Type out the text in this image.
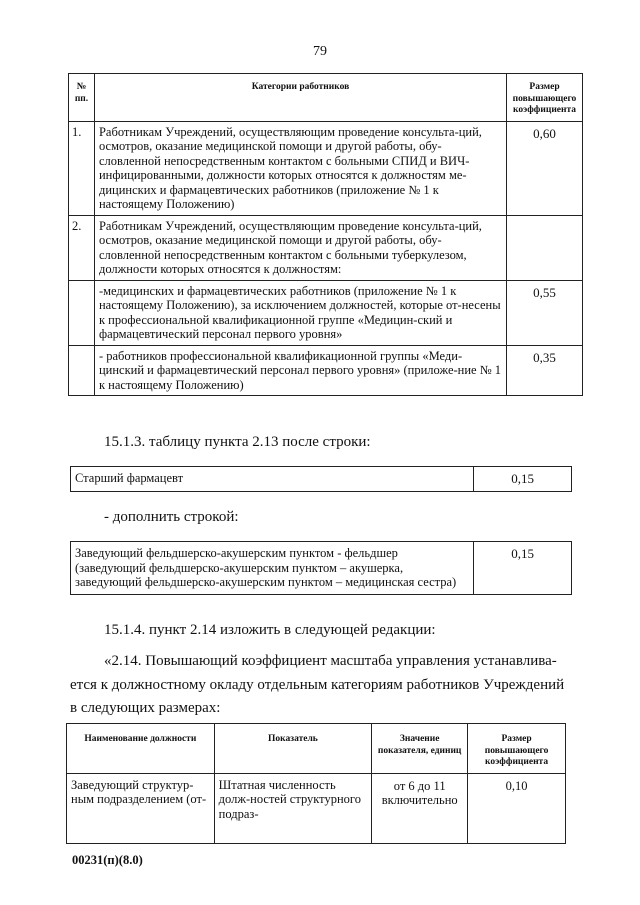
79
№ пп.	Категории работников	Размер повышающего коэффициента
1.	Работникам Учреждений, осуществляющим проведение консульта-ций, осмотров, оказание медицинской помощи и другой работы, обу-словленной непосредственным контактом с больными СПИД и ВИЧ-инфицированными, должности которых относятся к должностям ме-дицинских и фармацевтических работников (приложение № 1 к настоящему Положению)	0,60
2.	Работникам Учреждений, осуществляющим проведение консульта-ций, осмотров, оказание медицинской помощи и другой работы, обу-словленной непосредственным контактом с больными туберкулезом, должности которых относятся к должностям:	
	-медицинских и фармацевтических работников (приложение № 1 к настоящему Положению), за исключением должностей, которые от-несены к профессиональной квалификационной группе «Медицин-ский и фармацевтический персонал первого уровня»	0,55
	- работников профессиональной квалификационной группы «Меди-цинский и фармацевтический персонал первого уровня» (приложе-ние № 1 к настоящему Положению)	0,35
15.1.3. таблицу пункта 2.13 после строки:
Старший фармацевт	0,15
- дополнить строкой:
Заведующий фельдшерско-акушерским пунктом - фельдшер (заведующий фельдшерско-акушерским пунктом – акушерка, заведующий фельдшерско-акушерским пунктом – медицинская сестра)	0,15
15.1.4. пункт 2.14 изложить в следующей редакции:
«2.14. Повышающий коэффициент масштаба управления устанавлива-
ется к должностному окладу отдельным категориям работников Учреждений
в следующих размерах:
Наименование должности	Показатель	Значение показателя, единиц	Размер повышающего коэффициента
Заведующий структур-ным подразделением (от-	Штатная численность долж-ностей структурного подраз-	от 6 до 11 включительно	0,10
00231(п)(8.0)
